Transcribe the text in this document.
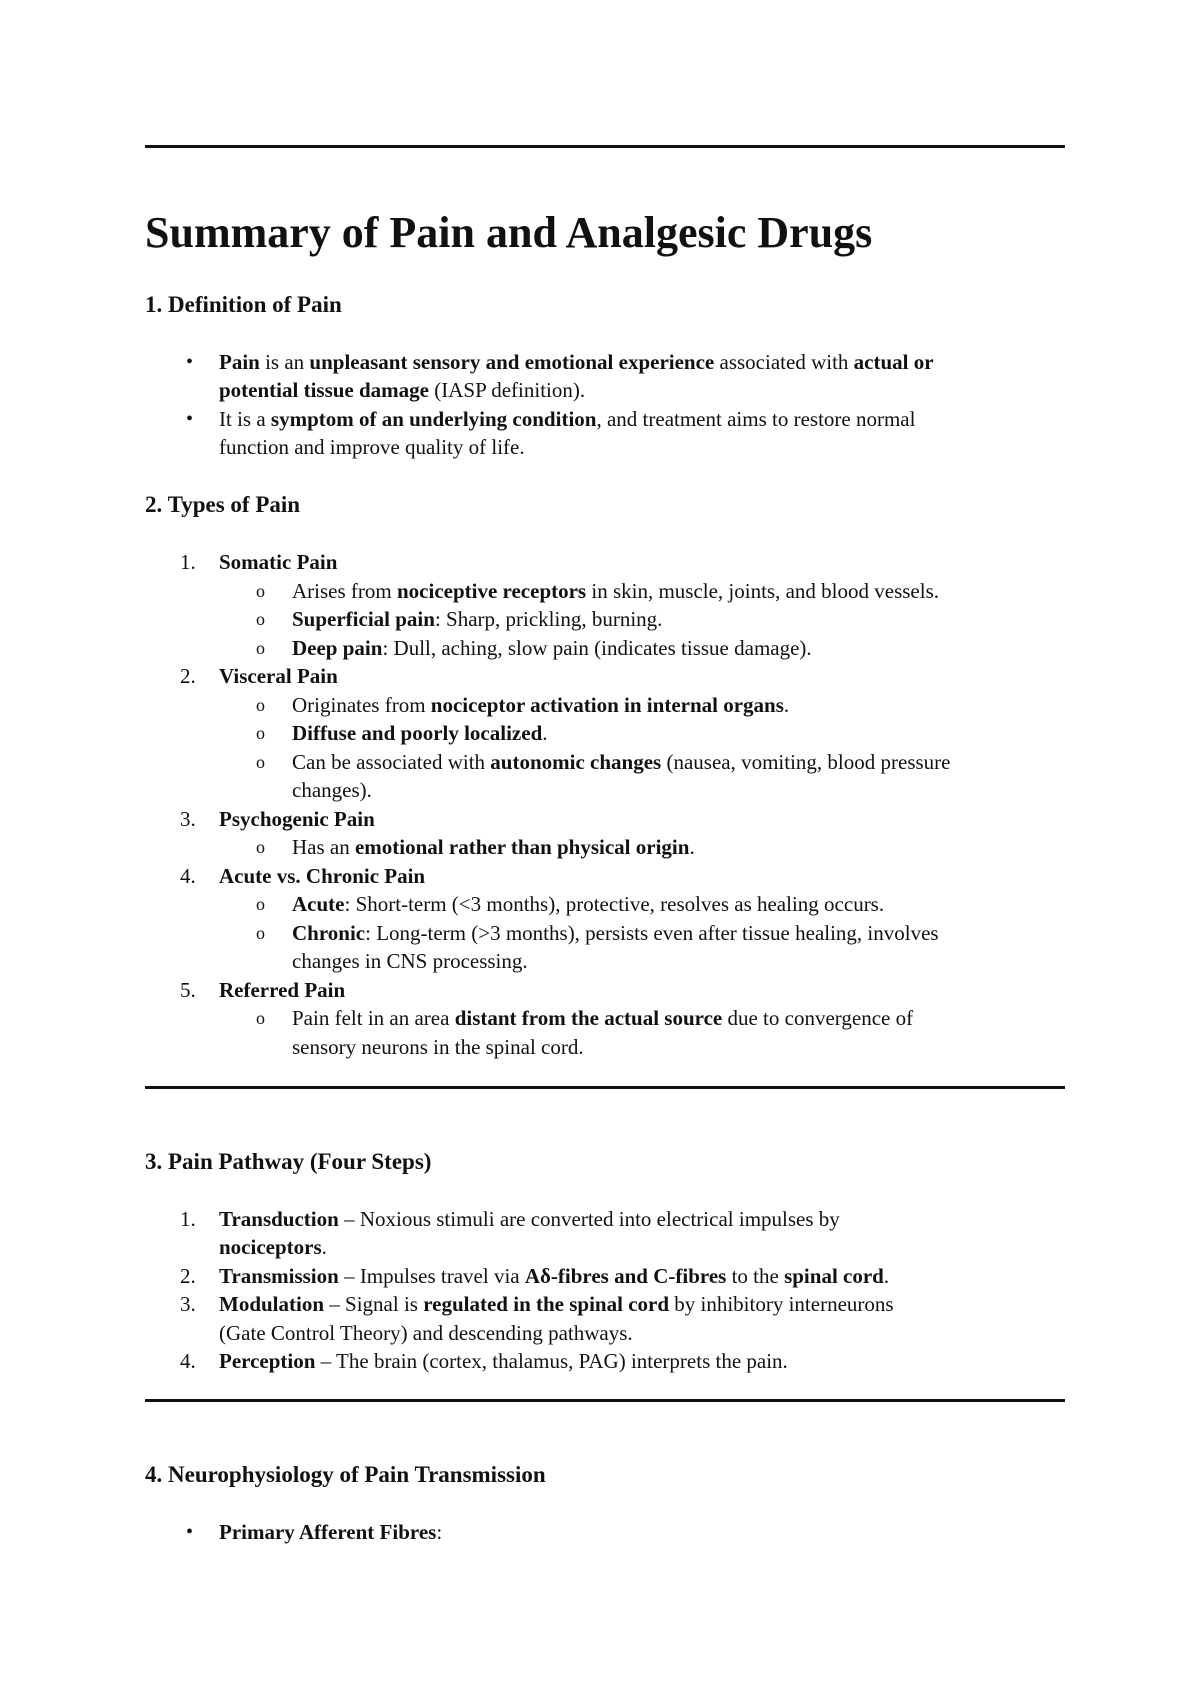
Summary of Pain and Analgesic Drugs
1. Definition of Pain
• Pain is an unpleasant sensory and emotional experience associated with actual or
potential tissue damage (IASP definition).
• It is a symptom of an underlying condition, and treatment aims to restore normal
function and improve quality of life.
2. Types of Pain
1. Somatic Pain
o Arises from nociceptive receptors in skin, muscle, joints, and blood vessels.
o Superficial pain: Sharp, prickling, burning.
o Deep pain: Dull, aching, slow pain (indicates tissue damage).
2. Visceral Pain
o Originates from nociceptor activation in internal organs.
o Diffuse and poorly localized.
o Can be associated with autonomic changes (nausea, vomiting, blood pressure
changes).
3. Psychogenic Pain
o Has an emotional rather than physical origin.
4. Acute vs. Chronic Pain
o Acute: Short-term (<3 months), protective, resolves as healing occurs.
o Chronic: Long-term (>3 months), persists even after tissue healing, involves
changes in CNS processing.
5. Referred Pain
o Pain felt in an area distant from the actual source due to convergence of
sensory neurons in the spinal cord.
3. Pain Pathway (Four Steps)
1. Transduction – Noxious stimuli are converted into electrical impulses by
nociceptors.
2. Transmission – Impulses travel via Aδ-fibres and C-fibres to the spinal cord.
3. Modulation – Signal is regulated in the spinal cord by inhibitory interneurons
(Gate Control Theory) and descending pathways.
4. Perception – The brain (cortex, thalamus, PAG) interprets the pain.
4. Neurophysiology of Pain Transmission
• Primary Afferent Fibres:
